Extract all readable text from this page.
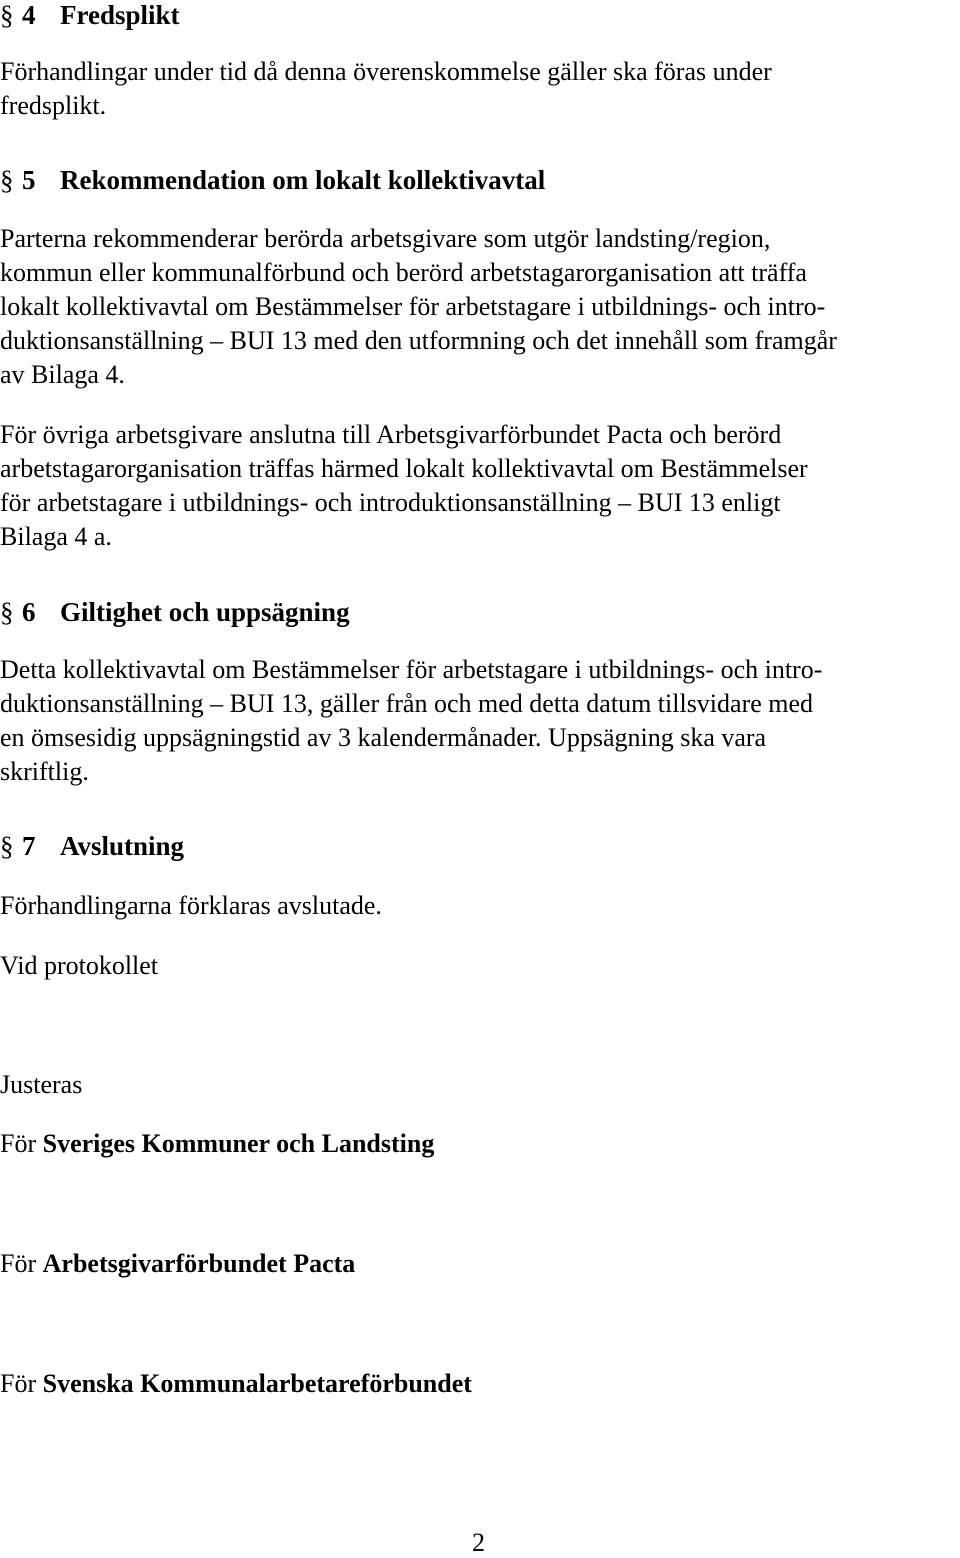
§ 4 Fredsplikt
Förhandlingar under tid då denna överenskommelse gäller ska föras under
fredsplikt.
§ 5 Rekommendation om lokalt kollektivavtal
Parterna rekommenderar berörda arbetsgivare som utgör landsting/region,
kommun eller kommunalförbund och berörd arbetstagarorganisation att träffa
lokalt kollektivavtal om Bestämmelser för arbetstagare i utbildnings- och intro-
duktionsanställning – BUI 13 med den utformning och det innehåll som framgår
av Bilaga 4.
För övriga arbetsgivare anslutna till Arbetsgivarförbundet Pacta och berörd
arbetstagarorganisation träffas härmed lokalt kollektivavtal om Bestämmelser
för arbetstagare i utbildnings- och introduktionsanställning – BUI 13 enligt
Bilaga 4 a.
§ 6 Giltighet och uppsägning
Detta kollektivavtal om Bestämmelser för arbetstagare i utbildnings- och intro-
duktionsanställning – BUI 13, gäller från och med detta datum tillsvidare med
en ömsesidig uppsägningstid av 3 kalendermånader. Uppsägning ska vara
skriftlig.
§ 7 Avslutning
Förhandlingarna förklaras avslutade.
Vid protokollet
Justeras
För Sveriges Kommuner och Landsting
För Arbetsgivarförbundet Pacta
För Svenska Kommunalarbetareförbundet
2
